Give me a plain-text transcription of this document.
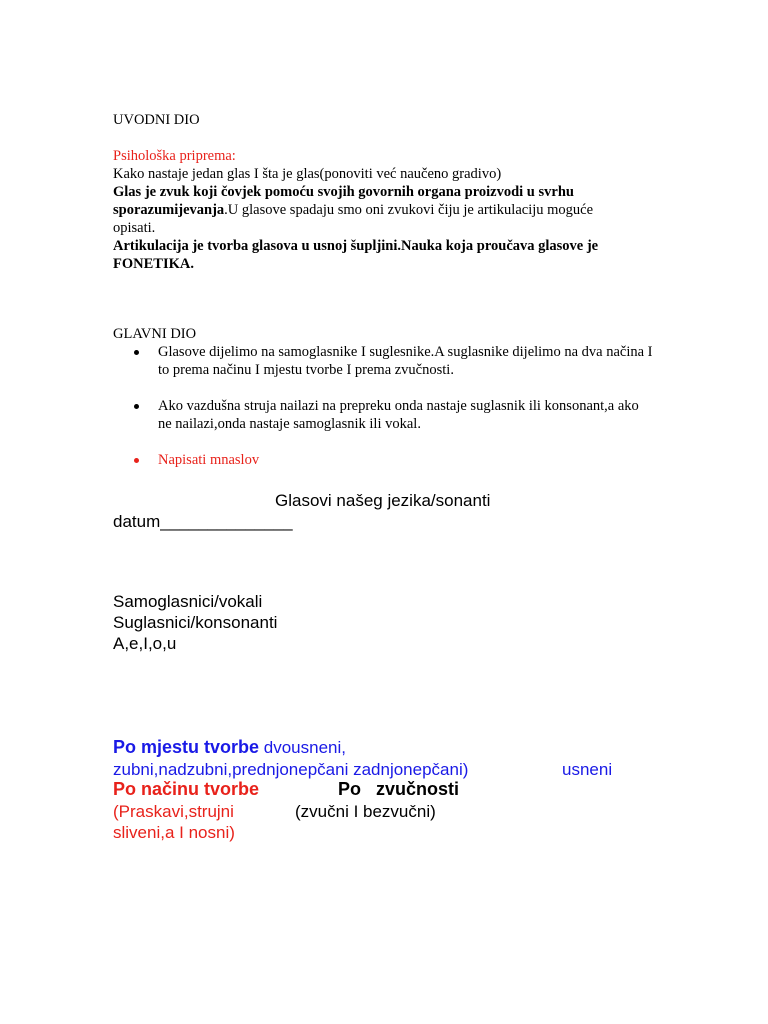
UVODNI DIO
Psihološka priprema:
Kako nastaje jedan glas I šta je glas(ponoviti već naučeno gradivo)
Glas je zvuk koji čovjek pomoću svojih govornih organa proizvodi u svrhu sporazumijevanja.U glasove spadaju smo oni zvukovi čiju je artikulaciju moguće opisati.
Artikulacija je tvorba glasova u usnoj šupljini.Nauka koja proučava glasove je FONETIKA.
GLAVNI DIO
Glasove dijelimo na samoglasnike I suglesnike.A suglasnike dijelimo na dva načina I to prema načinu I mjestu tvorbe I prema zvučnosti.
Ako vazdušna struja nailazi na prepreku onda nastaje suglasnik ili konsonant,a ako ne nailazi,onda nastaje samoglasnik ili vokal.
Napisati mnaslov
Glasovi našeg jezika/sonanti
datum______________
Samoglasnici/vokali
Suglasnici/konsonanti
A,e,I,o,u
Po mjestu tvorbe dvousneni,
zubni,nadzubni,prednjonepčani zadnjonepčani)	usneni
Po načinu tvorbe	Po   zvučnosti
(Praskavi,strujni	(zvučni I bezvučni)
sliveni,a I nosni)
